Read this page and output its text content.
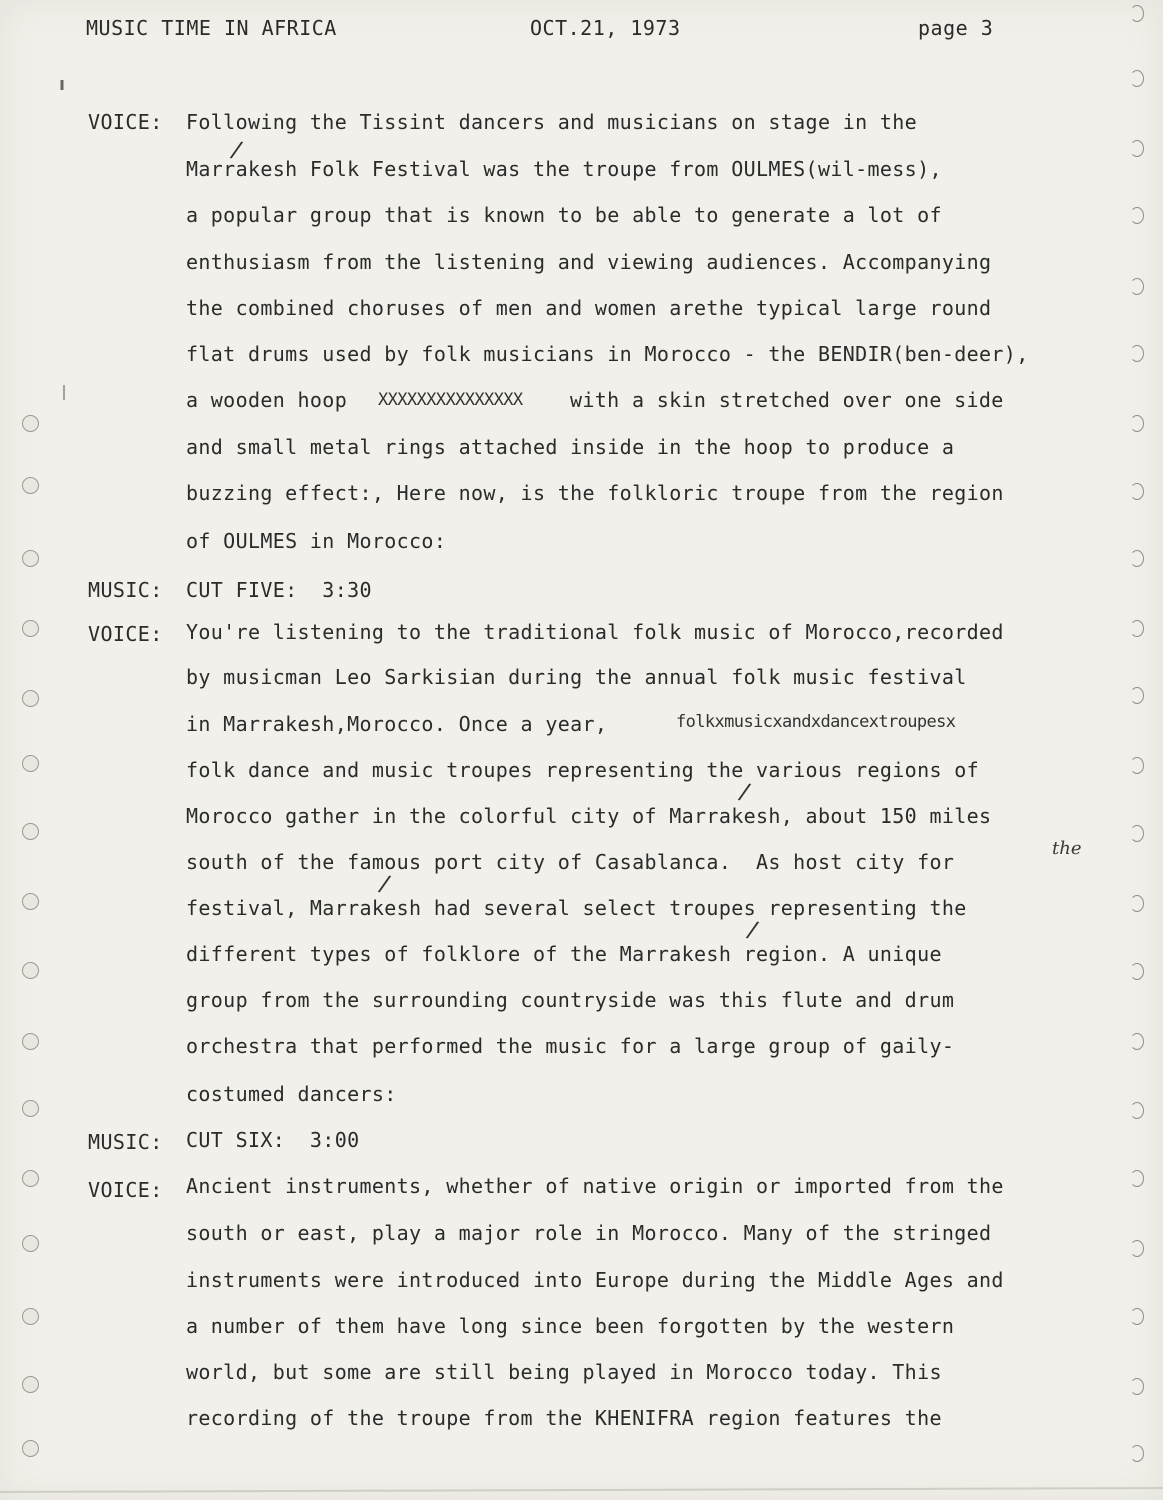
MUSIC TIME IN AFRICA	OCT.21, 1973	page 3
VOICE: Following the Tissint dancers and musicians on stage in the
/
Marrakesh Folk Festival was the troupe from OULMES(wil-mess),
a popular group that is known to be able to generate a lot of
enthusiasm from the listening and viewing audiences. Accompanying
the combined choruses of men and women arethe typical large round
flat drums used by folk musicians in Morocco - the BENDIR(ben-deer),
a wooden hoop XXXXXXXXXXXXXXX with a skin stretched over one side
and small metal rings attached inside in the hoop to produce a
buzzing effect:, Here now, is the folkloric troupe from the region
of OULMES in Morocco:
MUSIC: CUT FIVE:  3:30
VOICE: You're listening to the traditional folk music of Morocco,recorded
by musicman Leo Sarkisian during the annual folk music festival
in Marrakesh,Morocco. Once a year,	folkxmusicxandxdancextroupesx
folk dance and music troupes representing the various regions of
/
Morocco gather in the colorful city of Marrakesh, about 150 miles
south of the famous port city of Casablanca.  As host city for
the
/
festival, Marrakesh had several select troupes representing the
/
different types of folklore of the Marrakesh region. A unique
group from the surrounding countryside was this flute and drum
orchestra that performed the music for a large group of gaily-
costumed dancers:
MUSIC: CUT SIX:  3:00
VOICE: Ancient instruments, whether of native origin or imported from the
south or east, play a major role in Morocco. Many of the stringed
instruments were introduced into Europe during the Middle Ages and
a number of them have long since been forgotten by the western
world, but some are still being played in Morocco today. This
recording of the troupe from the KHENIFRA region features the
